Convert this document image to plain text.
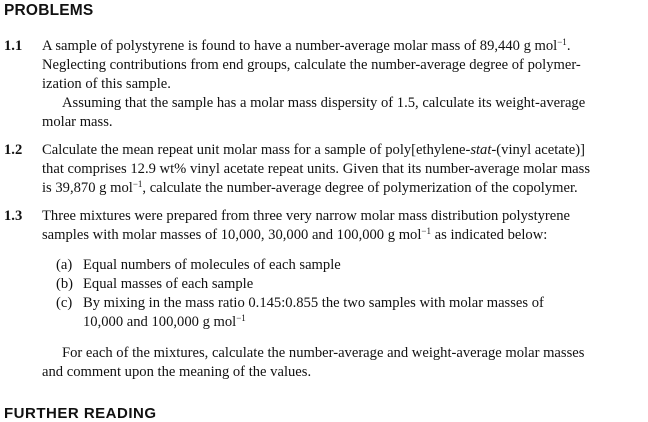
PROBLEMS
1.1 A sample of polystyrene is found to have a number-average molar mass of 89,440 g mol$^{-1}$.
Neglecting contributions from end groups, calculate the number-average degree of polymer-
ization of this sample.
Assuming that the sample has a molar mass dispersity of 1.5, calculate its weight-average
molar mass.
1.2 Calculate the mean repeat unit molar mass for a sample of poly[ethylene-stat-(vinyl acetate)]
that comprises 12.9 wt% vinyl acetate repeat units. Given that its number-average molar mass
is 39,870 g mol$^{-1}$, calculate the number-average degree of polymerization of the copolymer.
1.3 Three mixtures were prepared from three very narrow molar mass distribution polystyrene
samples with molar masses of 10,000, 30,000 and 100,000 g mol$^{-1}$ as indicated below:
(a) Equal numbers of molecules of each sample
(b) Equal masses of each sample
(c) By mixing in the mass ratio 0.145:0.855 the two samples with molar masses of
10,000 and 100,000 g mol$^{-1}$
For each of the mixtures, calculate the number-average and weight-average molar masses
and comment upon the meaning of the values.
FURTHER READING
